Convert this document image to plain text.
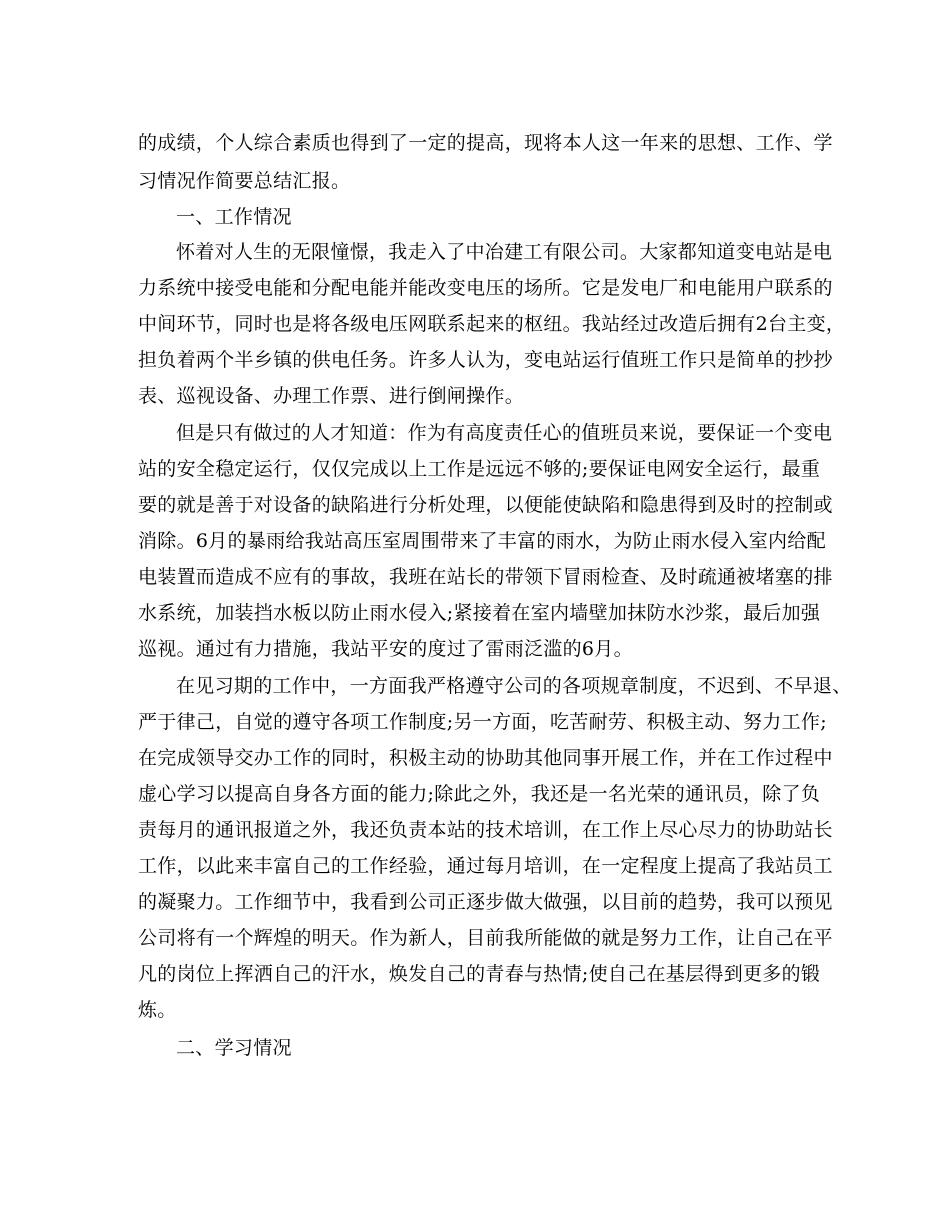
的成绩，个人综合素质也得到了一定的提高，现将本人这一年来的思想、工作、学
习情况作简要总结汇报。
一、工作情况
怀着对人生的无限憧憬，我走入了中冶建工有限公司。大家都知道变电站是电
力系统中接受电能和分配电能并能改变电压的场所。它是发电厂和电能用户联系的
中间环节，同时也是将各级电压网联系起来的枢纽。我站经过改造后拥有2台主变，
担负着两个半乡镇的供电任务。许多人认为，变电站运行值班工作只是简单的抄抄
表、巡视设备、办理工作票、进行倒闸操作。
但是只有做过的人才知道：作为有高度责任心的值班员来说，要保证一个变电
站的安全稳定运行，仅仅完成以上工作是远远不够的;要保证电网安全运行，最重
要的就是善于对设备的缺陷进行分析处理，以便能使缺陷和隐患得到及时的控制或
消除。6月的暴雨给我站高压室周围带来了丰富的雨水，为防止雨水侵入室内给配
电装置而造成不应有的事故，我班在站长的带领下冒雨检查、及时疏通被堵塞的排
水系统，加装挡水板以防止雨水侵入;紧接着在室内墙壁加抹防水沙浆，最后加强
巡视。通过有力措施，我站平安的度过了雷雨泛滥的6月。
在见习期的工作中，一方面我严格遵守公司的各项规章制度，不迟到、不早退、
严于律己，自觉的遵守各项工作制度;另一方面，吃苦耐劳、积极主动、努力工作;
在完成领导交办工作的同时，积极主动的协助其他同事开展工作，并在工作过程中
虚心学习以提高自身各方面的能力;除此之外，我还是一名光荣的通讯员，除了负
责每月的通讯报道之外，我还负责本站的技术培训，在工作上尽心尽力的协助站长
工作，以此来丰富自己的工作经验，通过每月培训，在一定程度上提高了我站员工
的凝聚力。工作细节中，我看到公司正逐步做大做强，以目前的趋势，我可以预见
公司将有一个辉煌的明天。作为新人，目前我所能做的就是努力工作，让自己在平
凡的岗位上挥洒自己的汗水，焕发自己的青春与热情;使自己在基层得到更多的锻
炼。
二、学习情况
